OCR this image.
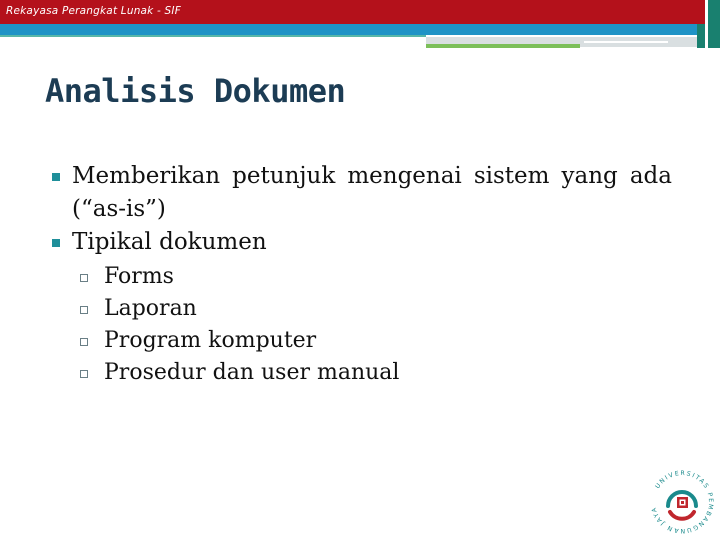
Rekayasa Perangkat Lunak - SIF
Analisis Dokumen
Memberikan petunjuk mengenai sistem yang ada (“as-is”)
Tipikal dokumen
Forms
Laporan
Program komputer
Prosedur dan user manual
UNIVERSITAS PEMBANGUNAN JAYA
